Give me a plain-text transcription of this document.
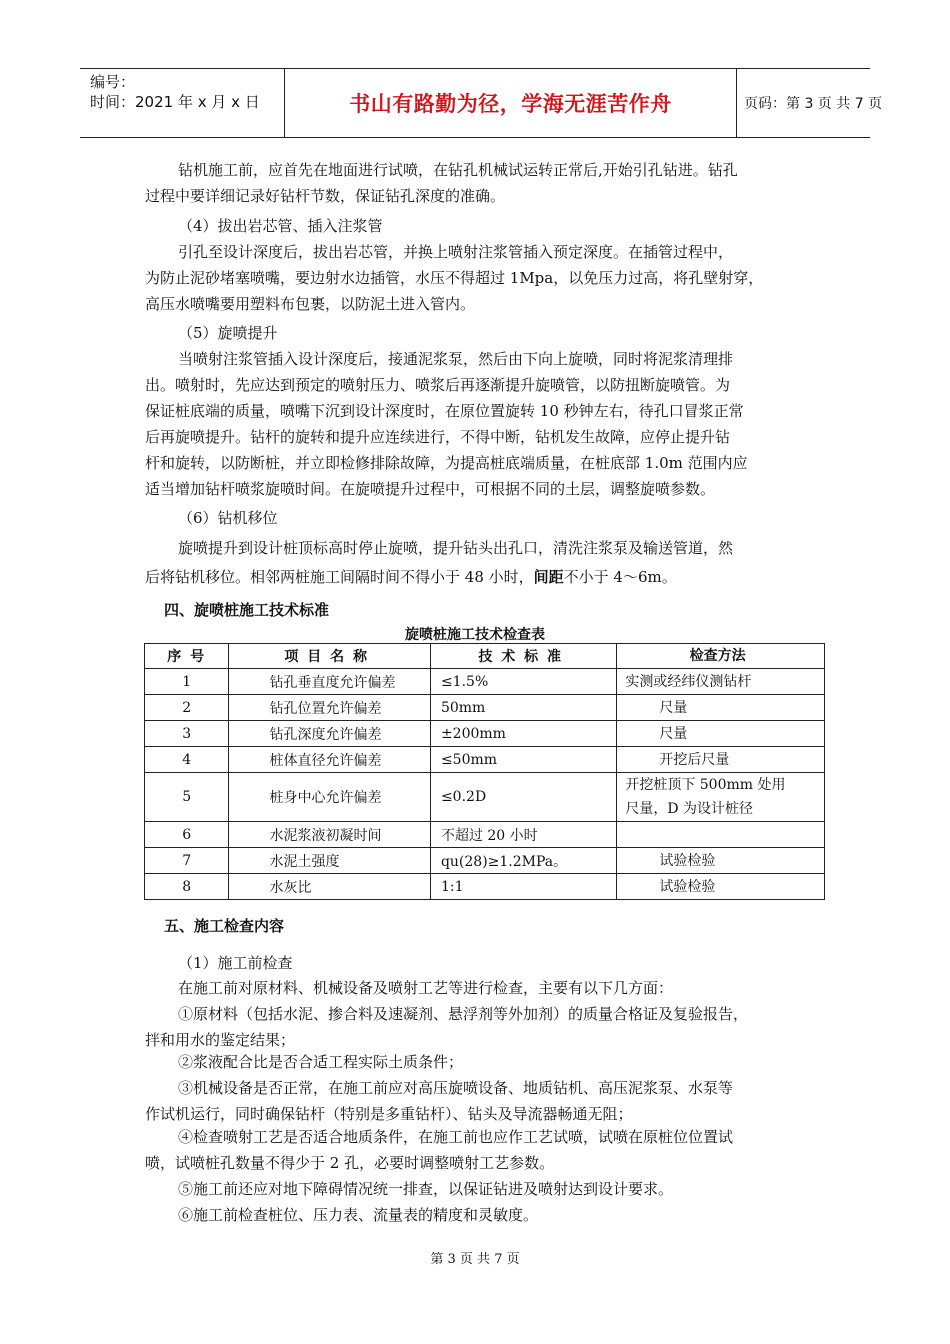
编号：
时间：2021 年 x 月 x 日	书山有路勤为径，学海无涯苦作舟	页码：第 3 页 共 7 页
钻机施工前，应首先在地面进行试喷，在钻孔机械试运转正常后,开始引孔钻进。钻孔
过程中要详细记录好钻杆节数，保证钻孔深度的准确。
（4）拔出岩芯管、插入注浆管
引孔至设计深度后，拔出岩芯管，并换上喷射注浆管插入预定深度。在插管过程中，
为防止泥砂堵塞喷嘴，要边射水边插管，水压不得超过 1Mpa，以免压力过高，将孔壁射穿，
高压水喷嘴要用塑料布包裹，以防泥土进入管内。
（5）旋喷提升
当喷射注浆管插入设计深度后，接通泥浆泵，然后由下向上旋喷，同时将泥浆清理排
出。喷射时，先应达到预定的喷射压力、喷浆后再逐渐提升旋喷管，以防扭断旋喷管。为
保证桩底端的质量，喷嘴下沉到设计深度时，在原位置旋转 10 秒钟左右，待孔口冒浆正常
后再旋喷提升。钻杆的旋转和提升应连续进行，不得中断，钻机发生故障，应停止提升钻
杆和旋转，以防断桩，并立即检修排除故障，为提高桩底端质量，在桩底部 1.0m 范围内应
适当增加钻杆喷浆旋喷时间。在旋喷提升过程中，可根据不同的土层，调整旋喷参数。
（6）钻机移位
旋喷提升到设计桩顶标高时停止旋喷，提升钻头出孔口，清洗注浆泵及输送管道，然
后将钻机移位。相邻两桩施工间隔时间不得小于 48 小时，间距不小于 4～6m。
四、旋喷桩施工技术标准
旋喷桩施工技术检查表
序 号	项 目 名 称	技 术 标 准	检查方法
1	钻孔垂直度允许偏差	≤1.5%	实测或经纬仪测钻杆
2	钻孔位置允许偏差	50mm	尺量
3	钻孔深度允许偏差	±200mm	尺量
4	桩体直径允许偏差	≤50mm	开挖后尺量
5	桩身中心允许偏差	≤0.2D	开挖桩顶下 500mm 处用
尺量，D 为设计桩径

6	水泥浆液初凝时间	不超过 20 小时	
7	水泥土强度	qu(28)≥1.2MPa。	试验检验
8	水灰比	1:1	试验检验
五、施工检查内容
（1）施工前检查
在施工前对原材料、机械设备及喷射工艺等进行检查，主要有以下几方面：
①原材料（包括水泥、掺合料及速凝剂、悬浮剂等外加剂）的质量合格证及复验报告，
拌和用水的鉴定结果；
②浆液配合比是否合适工程实际土质条件；
③机械设备是否正常，在施工前应对高压旋喷设备、地质钻机、高压泥浆泵、水泵等
作试机运行，同时确保钻杆（特别是多重钻杆）、钻头及导流器畅通无阻；
④检查喷射工艺是否适合地质条件，在施工前也应作工艺试喷，试喷在原桩位位置试
喷，试喷桩孔数量不得少于 2 孔，必要时调整喷射工艺参数。
⑤施工前还应对地下障碍情况统一排查，以保证钻进及喷射达到设计要求。
⑥施工前检查桩位、压力表、流量表的精度和灵敏度。
第 3 页 共 7 页
